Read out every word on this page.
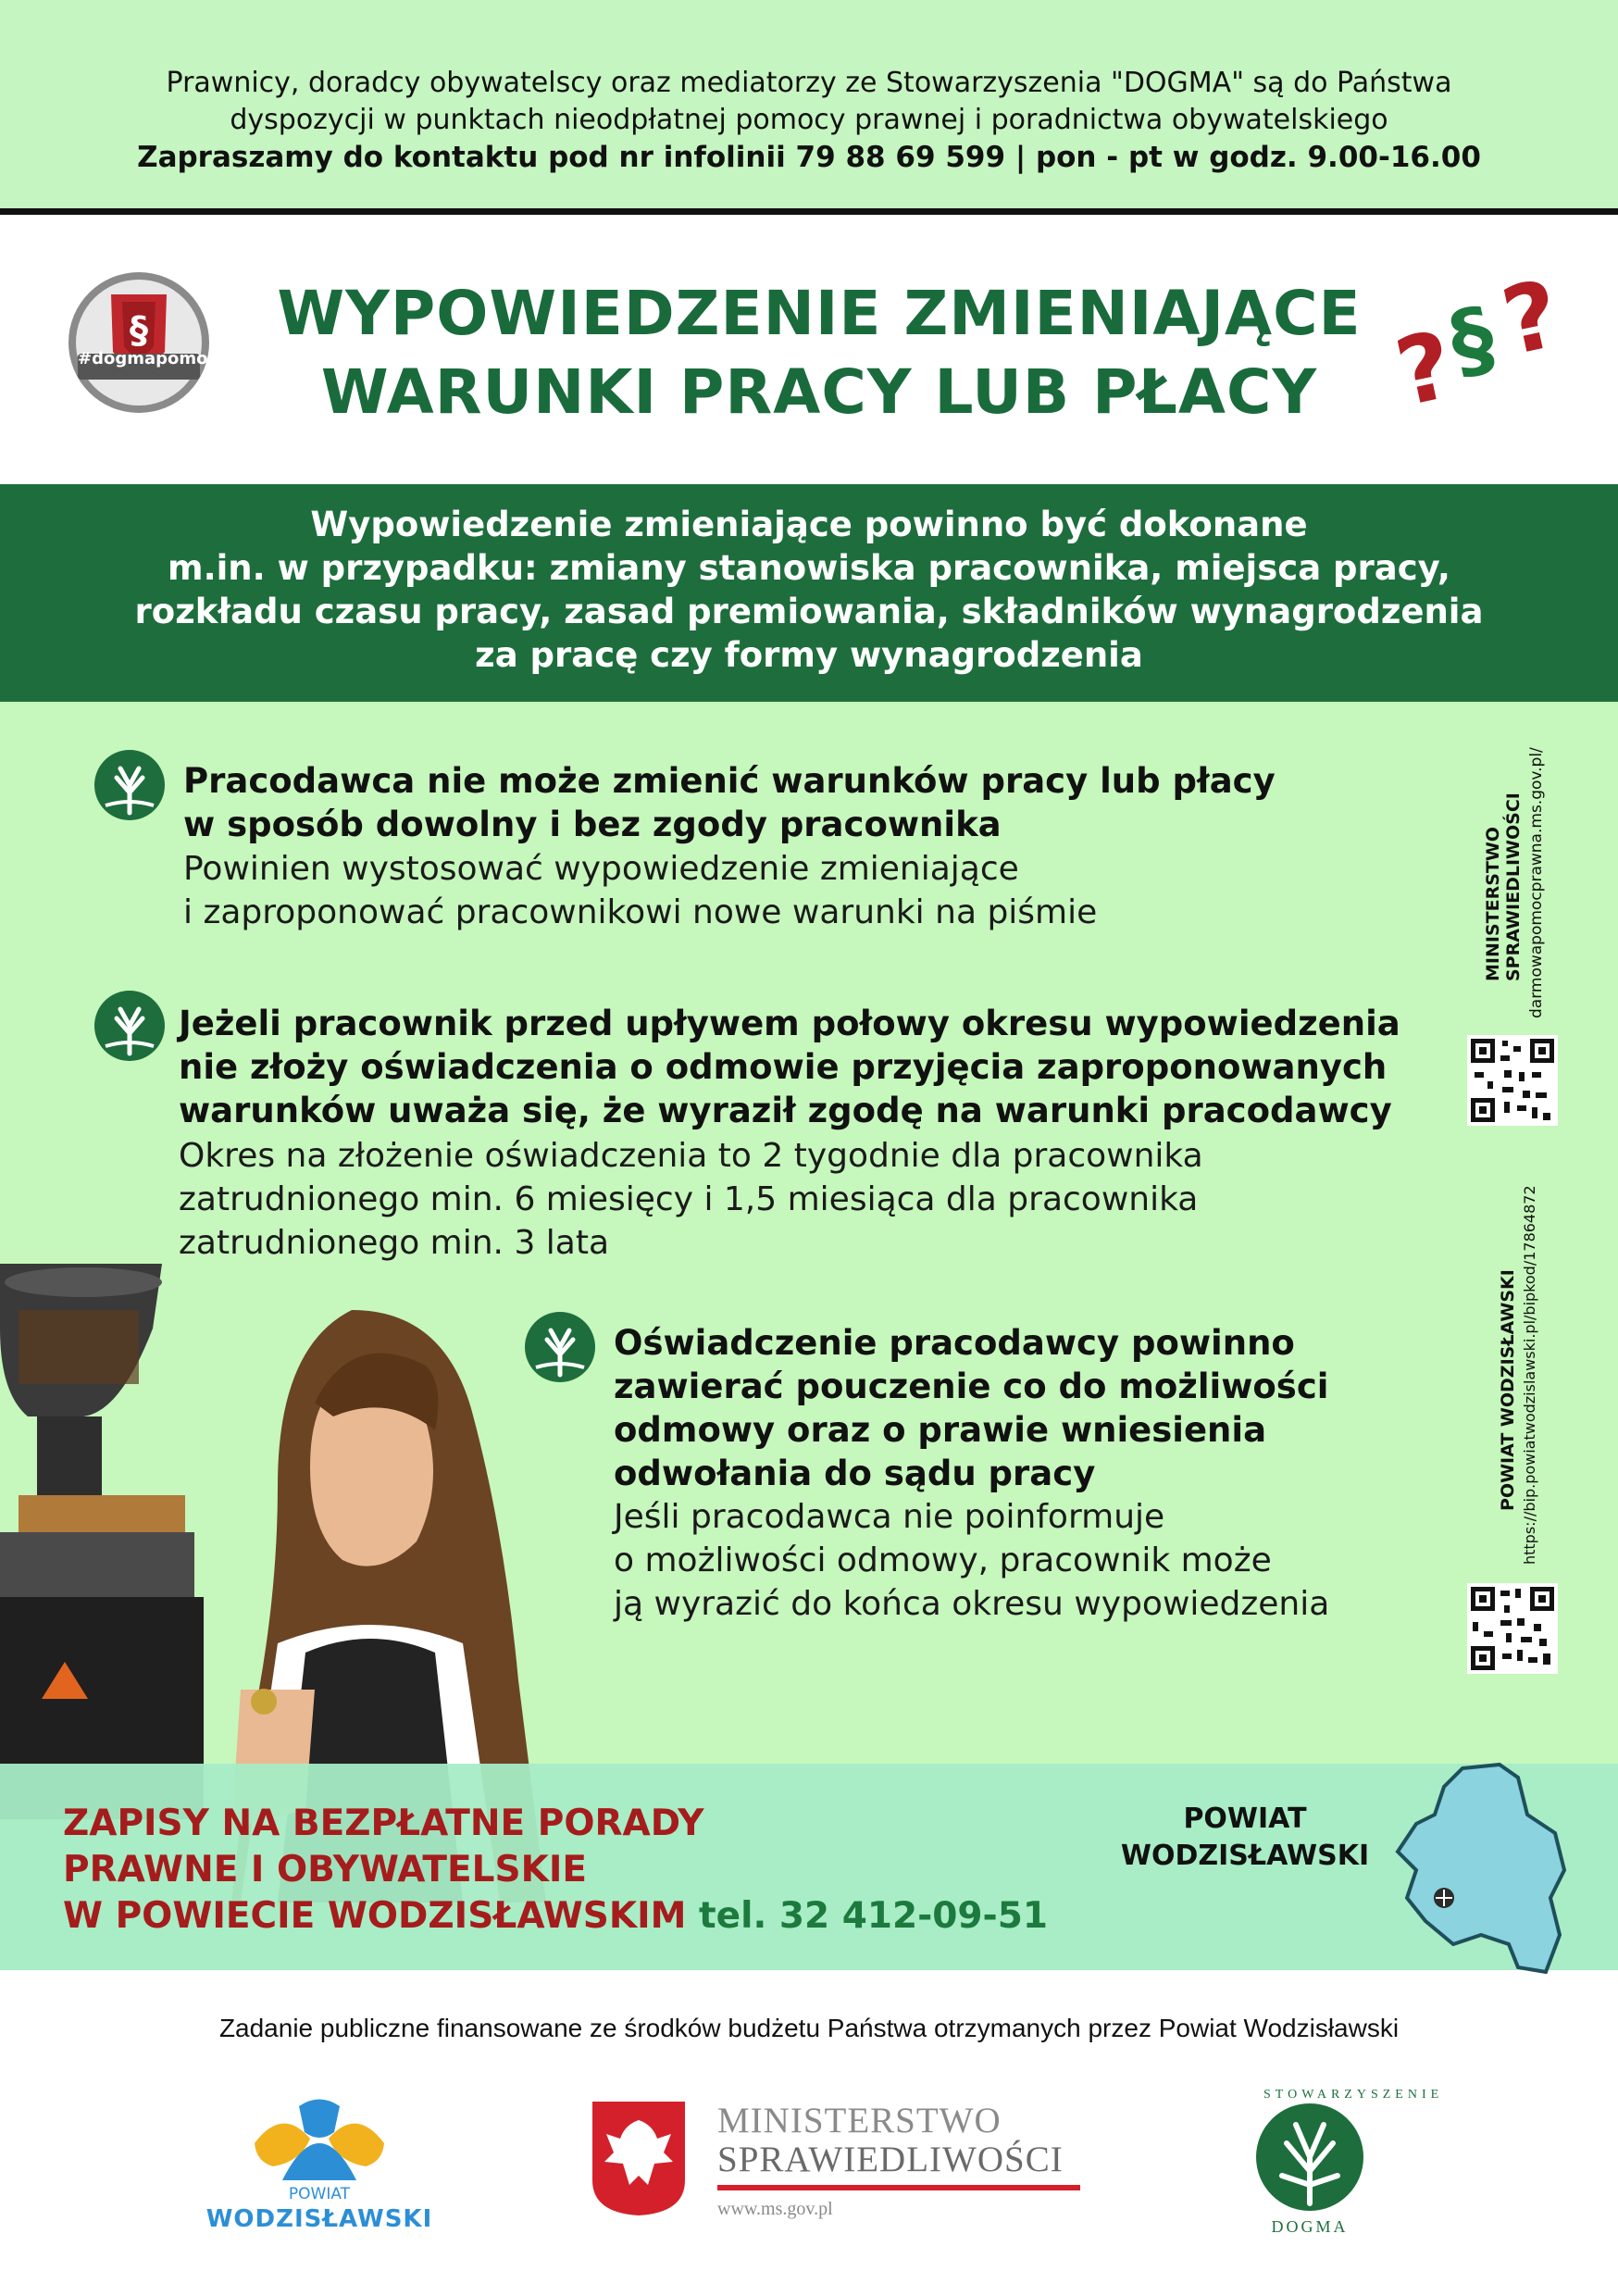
Prawnicy, doradcy obywatelscy oraz mediatorzy ze Stowarzyszenia "DOGMA" są do Państwa
dyspozycji w punktach nieodpłatnej pomocy prawnej i poradnictwa obywatelskiego
Zapraszamy do kontaktu pod nr infolinii 79 88 69 599 | pon - pt w godz. 9.00-16.00
§
#dogmapomoc
WYPOWIEDZENIE ZMIENIAJĄCE
WARUNKI PRACY LUB PŁACY ?
§
?
Wypowiedzenie zmieniające powinno być dokonane
m.in. w przypadku: zmiany stanowiska pracownika, miejsca pracy,
rozkładu czasu pracy, zasad premiowania, składników wynagrodzenia
za pracę czy formy wynagrodzenia
Pracodawca nie może zmienić warunków pracy lub płacy
w sposób dowolny i bez zgody pracownika
Powinien wystosować wypowiedzenie zmieniające
i zaproponować pracownikowi nowe warunki na piśmie
Jeżeli pracownik przed upływem połowy okresu wypowiedzenia
nie złoży oświadczenia o odmowie przyjęcia zaproponowanych
warunków uważa się, że wyraził zgodę na warunki pracodawcy
Okres na złożenie oświadczenia to 2 tygodnie dla pracownika
zatrudnionego min. 6 miesięcy i 1,5 miesiąca dla pracownika
zatrudnionego min. 3 lata
Oświadczenie pracodawcy powinno
zawierać pouczenie co do możliwości
odmowy oraz o prawie wniesienia
odwołania do sądu pracy
Jeśli pracodawca nie poinformuje
o możliwości odmowy, pracownik może
ją wyrazić do końca okresu wypowiedzenia
MINISTERSTWO SPRAWIEDLIWOŚCI darmowapomocprawna.ms.gov.pl/
POWIAT WODZISŁAWSKI https://bip.powiatwodzislawski.pl/bipkod/17864872
ZAPISY NA BEZPŁATNE PORADY
PRAWNE I OBYWATELSKIE
W POWIECIE WODZISŁAWSKIM tel. 32 412-09-51
POWIAT
WODZISŁAWSKI
Zadanie publiczne finansowane ze środków budżetu Państwa otrzymanych przez Powiat Wodzisławski
POWIAT
WODZISŁAWSKI
MINISTERSTWO
SPRAWIEDLIWOŚCI
www.ms.gov.pl
STOWARZYSZENIE
DOGMA
